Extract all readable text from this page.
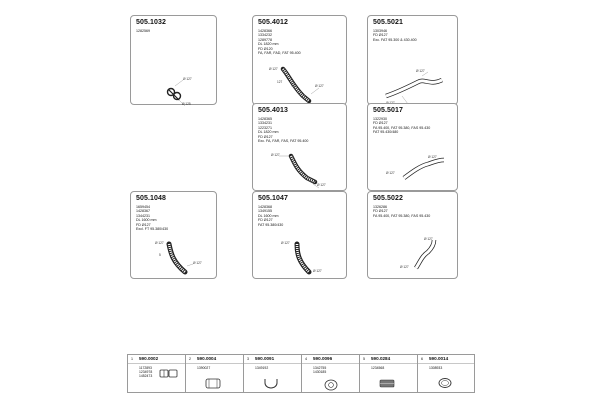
505.1032
1282569
Ø 127
Ø 125
505.4012
1428366
1334232
1289778
DL 1820 mm
FD Ø120
FA, FAR, FAD, FAT 95.400
Ø 127
Ø 127
127
505.5021
1303946
FD Ø127
Exc. FAT 95.300 & 430.400
Ø 127
505.4013
1428365
1334231
1223271
DL 1820 mm
FD Ø127
Exc. FA, FAR, FAS, FAT 95.400
Ø 127
Ø 127
505.5017
1322930
FD Ø127
FA 95.400, FAT 95.380, FAS 95.430
FAT 95.430/480
Ø 127
Ø 127
505.1048
1659454
1428367
1344231
DL 1600 mm
FD Ø127
Excl. FT 95.380/430
Ø 127
Ø 127
5
505.1047
1428368
1349155
DL 1600 mm
FD Ø127
FAT 95.380/430
Ø 127
Ø 127
505.5022
1326286
FD Ø127
FA 95.400, FAT 95.380, FAS 95.430
Ø 127
Ø 127
1 590.0002
1172893
1234978
1452473
2 590.0004
1390027
3 590.0091
1349192
4 590.0096
1342755
1430185
5 590.0284
1234568
6 590.0014
1308933
